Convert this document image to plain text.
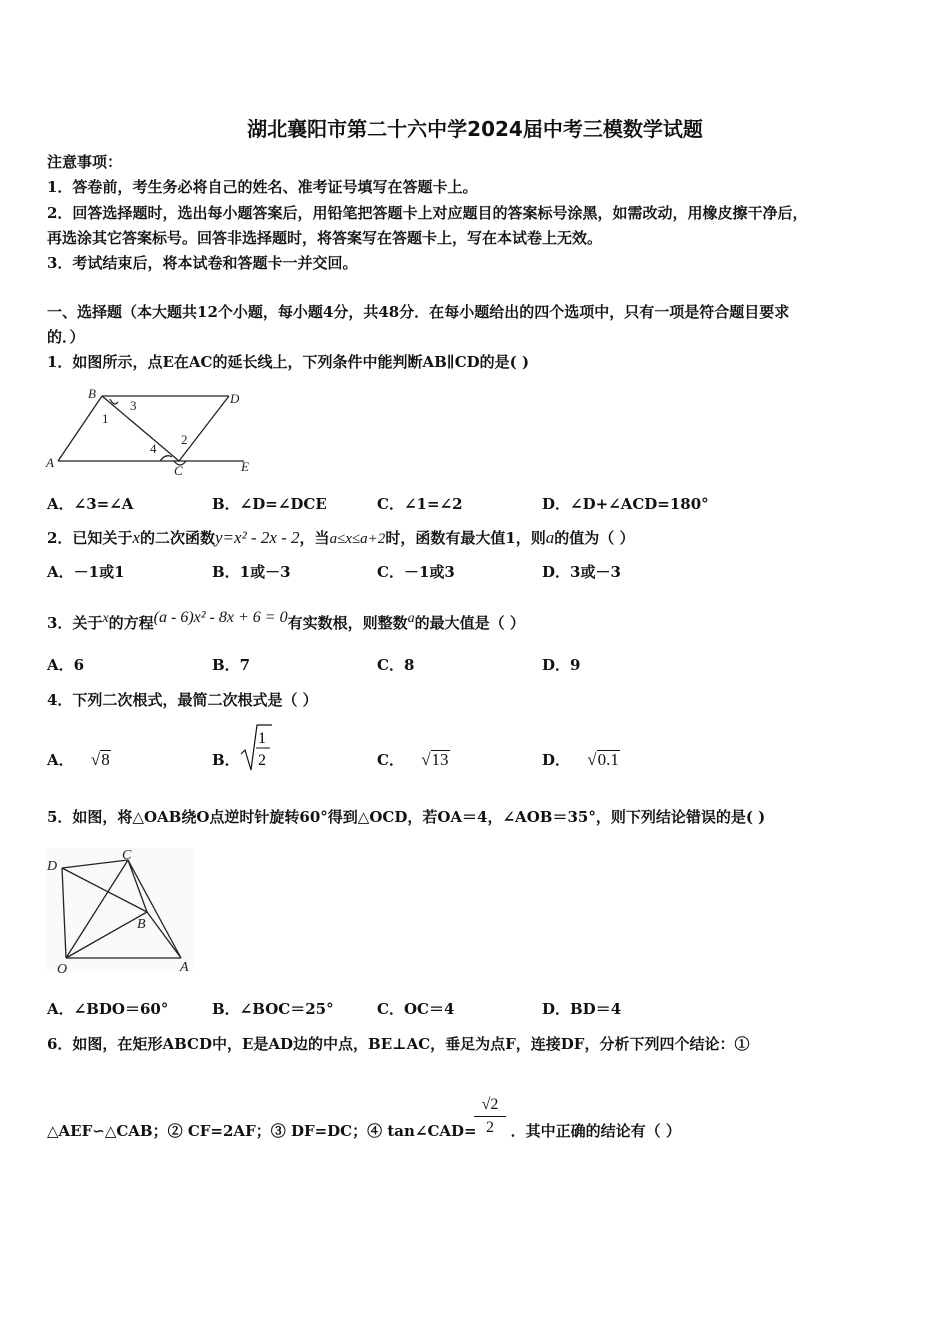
湖北襄阳市第二十六中学2024届中考三模数学试题
注意事项：
1．答卷前，考生务必将自己的姓名、准考证号填写在答题卡上。
2．回答选择题时，选出每小题答案后，用铅笔把答题卡上对应题目的答案标号涂黑，如需改动，用橡皮擦干净后，
再选涂其它答案标号。回答非选择题时，将答案写在答题卡上，写在本试卷上无效。
3．考试结束后，将本试卷和答题卡一并交回。
一、选择题（本大题共12个小题，每小题4分，共48分．在每小题给出的四个选项中，只有一项是符合题目要求
的．）
1．如图所示，点E在AC的延长线上，下列条件中能判断AB∥CD的是( )
B	D
A
C	E
1
3
2
4
A．∠3=∠A	B．∠D=∠DCE	C．∠1=∠2	D．∠D+∠ACD=180°
2．已知关于x的二次函数y=x² - 2x - 2，当a≤x≤a+2时，函数有最大值1，则a的值为（ ）
A．－1或1	B．1或－3	C．－1或3	D．3或－3
3．关于x的方程(a - 6)x² - 8x + 6 = 0有实数根，则整数a的最大值是（ ）
A．6	B．7	C．8	D．9
4．下列二次根式，最简二次根式是（ ）
A． √8	B．
1
2	C． √13	D． √0.1
5．如图，将△OAB绕O点逆时针旋转60°得到△OCD，若OA＝4，∠AOB＝35°，则下列结论错误的是( )
D
C
B
O	A
A．∠BDO＝60°	B．∠BOC＝25°	C．OC＝4	D．BD＝4
6．如图，在矩形ABCD中，E是AD边的中点，BE⊥AC，垂足为点F，连接DF，分析下列四个结论：①
△AEF∽△CAB；② CF=2AF；③ DF=DC；④ tan∠CAD= ．其中正确的结论有（ ）
√2
2
